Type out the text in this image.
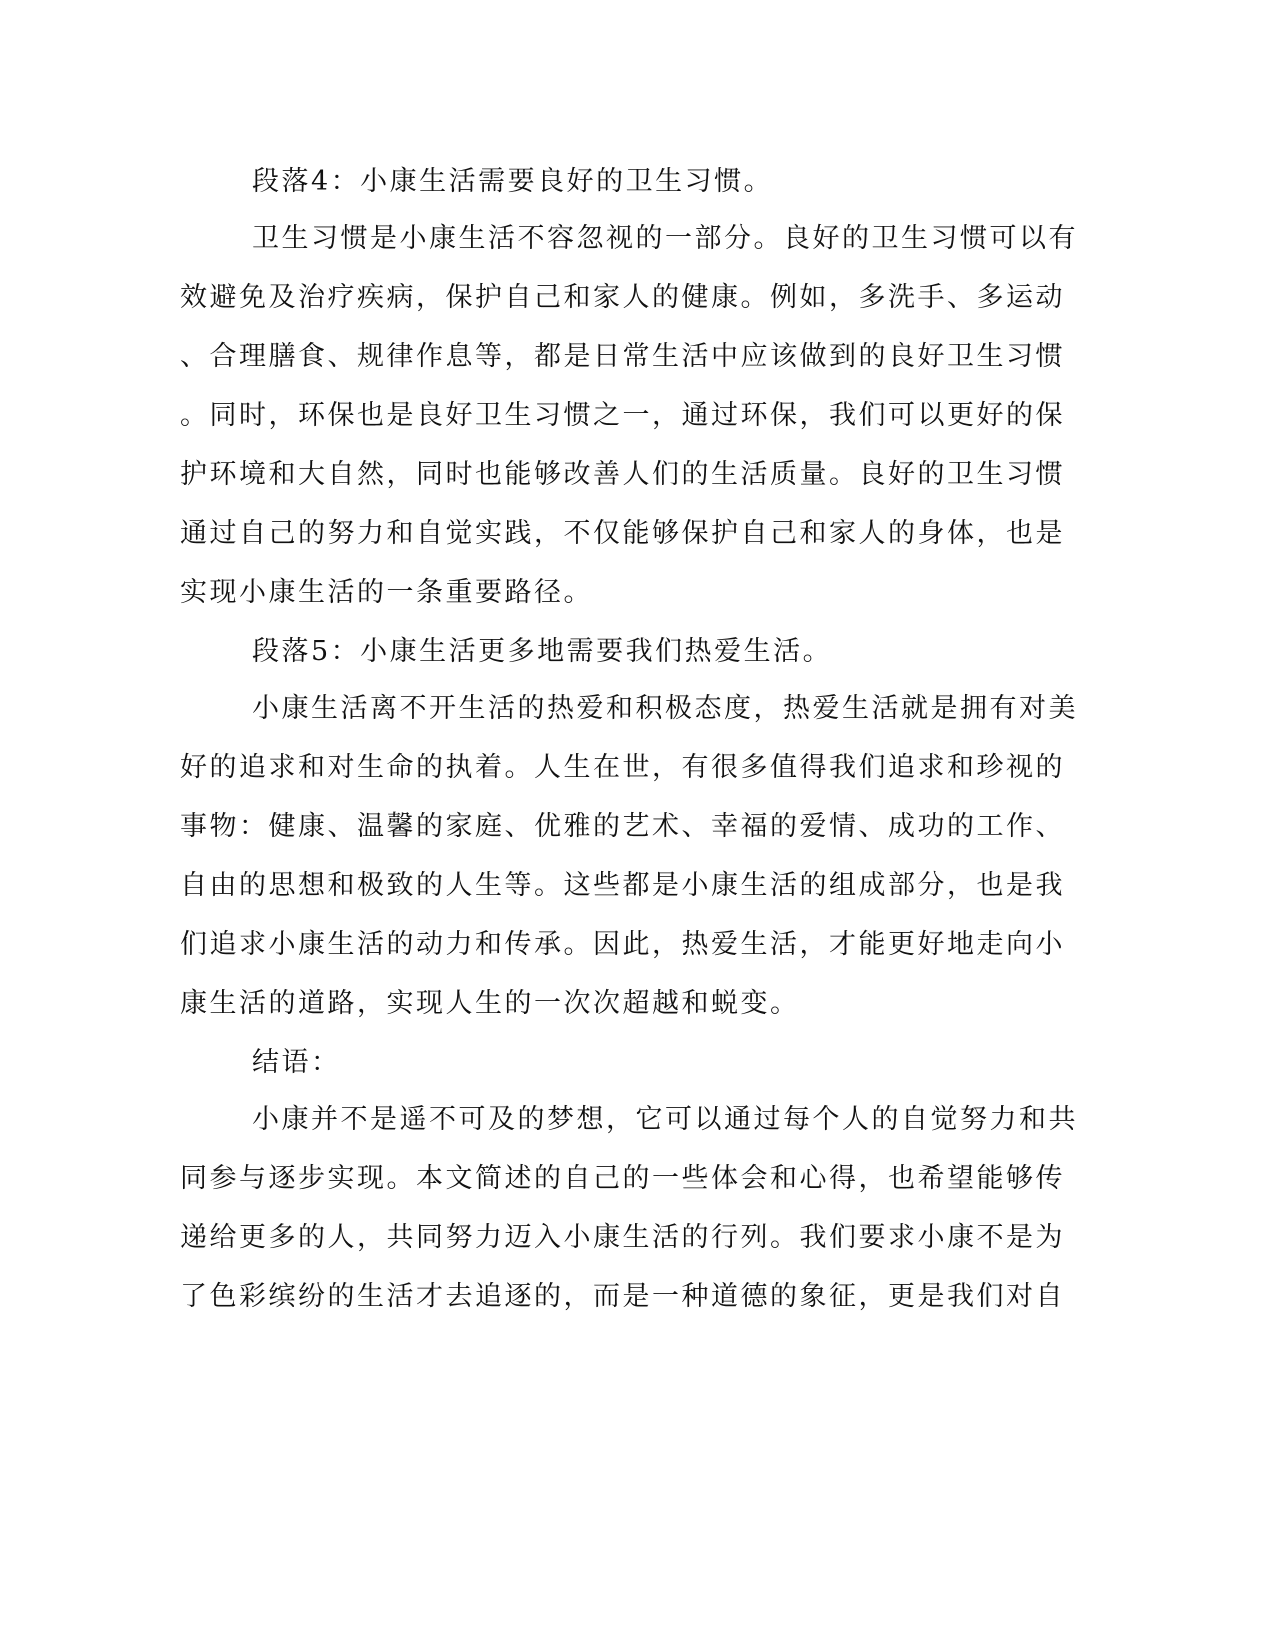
段落4：小康生活需要良好的卫生习惯。
卫生习惯是小康生活不容忽视的一部分。良好的卫生习惯可以有
效避免及治疗疾病，保护自己和家人的健康。例如，多洗手、多运动
、合理膳食、规律作息等，都是日常生活中应该做到的良好卫生习惯
。同时，环保也是良好卫生习惯之一，通过环保，我们可以更好的保
护环境和大自然，同时也能够改善人们的生活质量。良好的卫生习惯
通过自己的努力和自觉实践，不仅能够保护自己和家人的身体，也是
实现小康生活的一条重要路径。
段落5：小康生活更多地需要我们热爱生活。
小康生活离不开生活的热爱和积极态度，热爱生活就是拥有对美
好的追求和对生命的执着。人生在世，有很多值得我们追求和珍视的
事物：健康、温馨的家庭、优雅的艺术、幸福的爱情、成功的工作、
自由的思想和极致的人生等。这些都是小康生活的组成部分，也是我
们追求小康生活的动力和传承。因此，热爱生活，才能更好地走向小
康生活的道路，实现人生的一次次超越和蜕变。
结语：
小康并不是遥不可及的梦想，它可以通过每个人的自觉努力和共
同参与逐步实现。本文简述的自己的一些体会和心得，也希望能够传
递给更多的人，共同努力迈入小康生活的行列。我们要求小康不是为
了色彩缤纷的生活才去追逐的，而是一种道德的象征，更是我们对自
